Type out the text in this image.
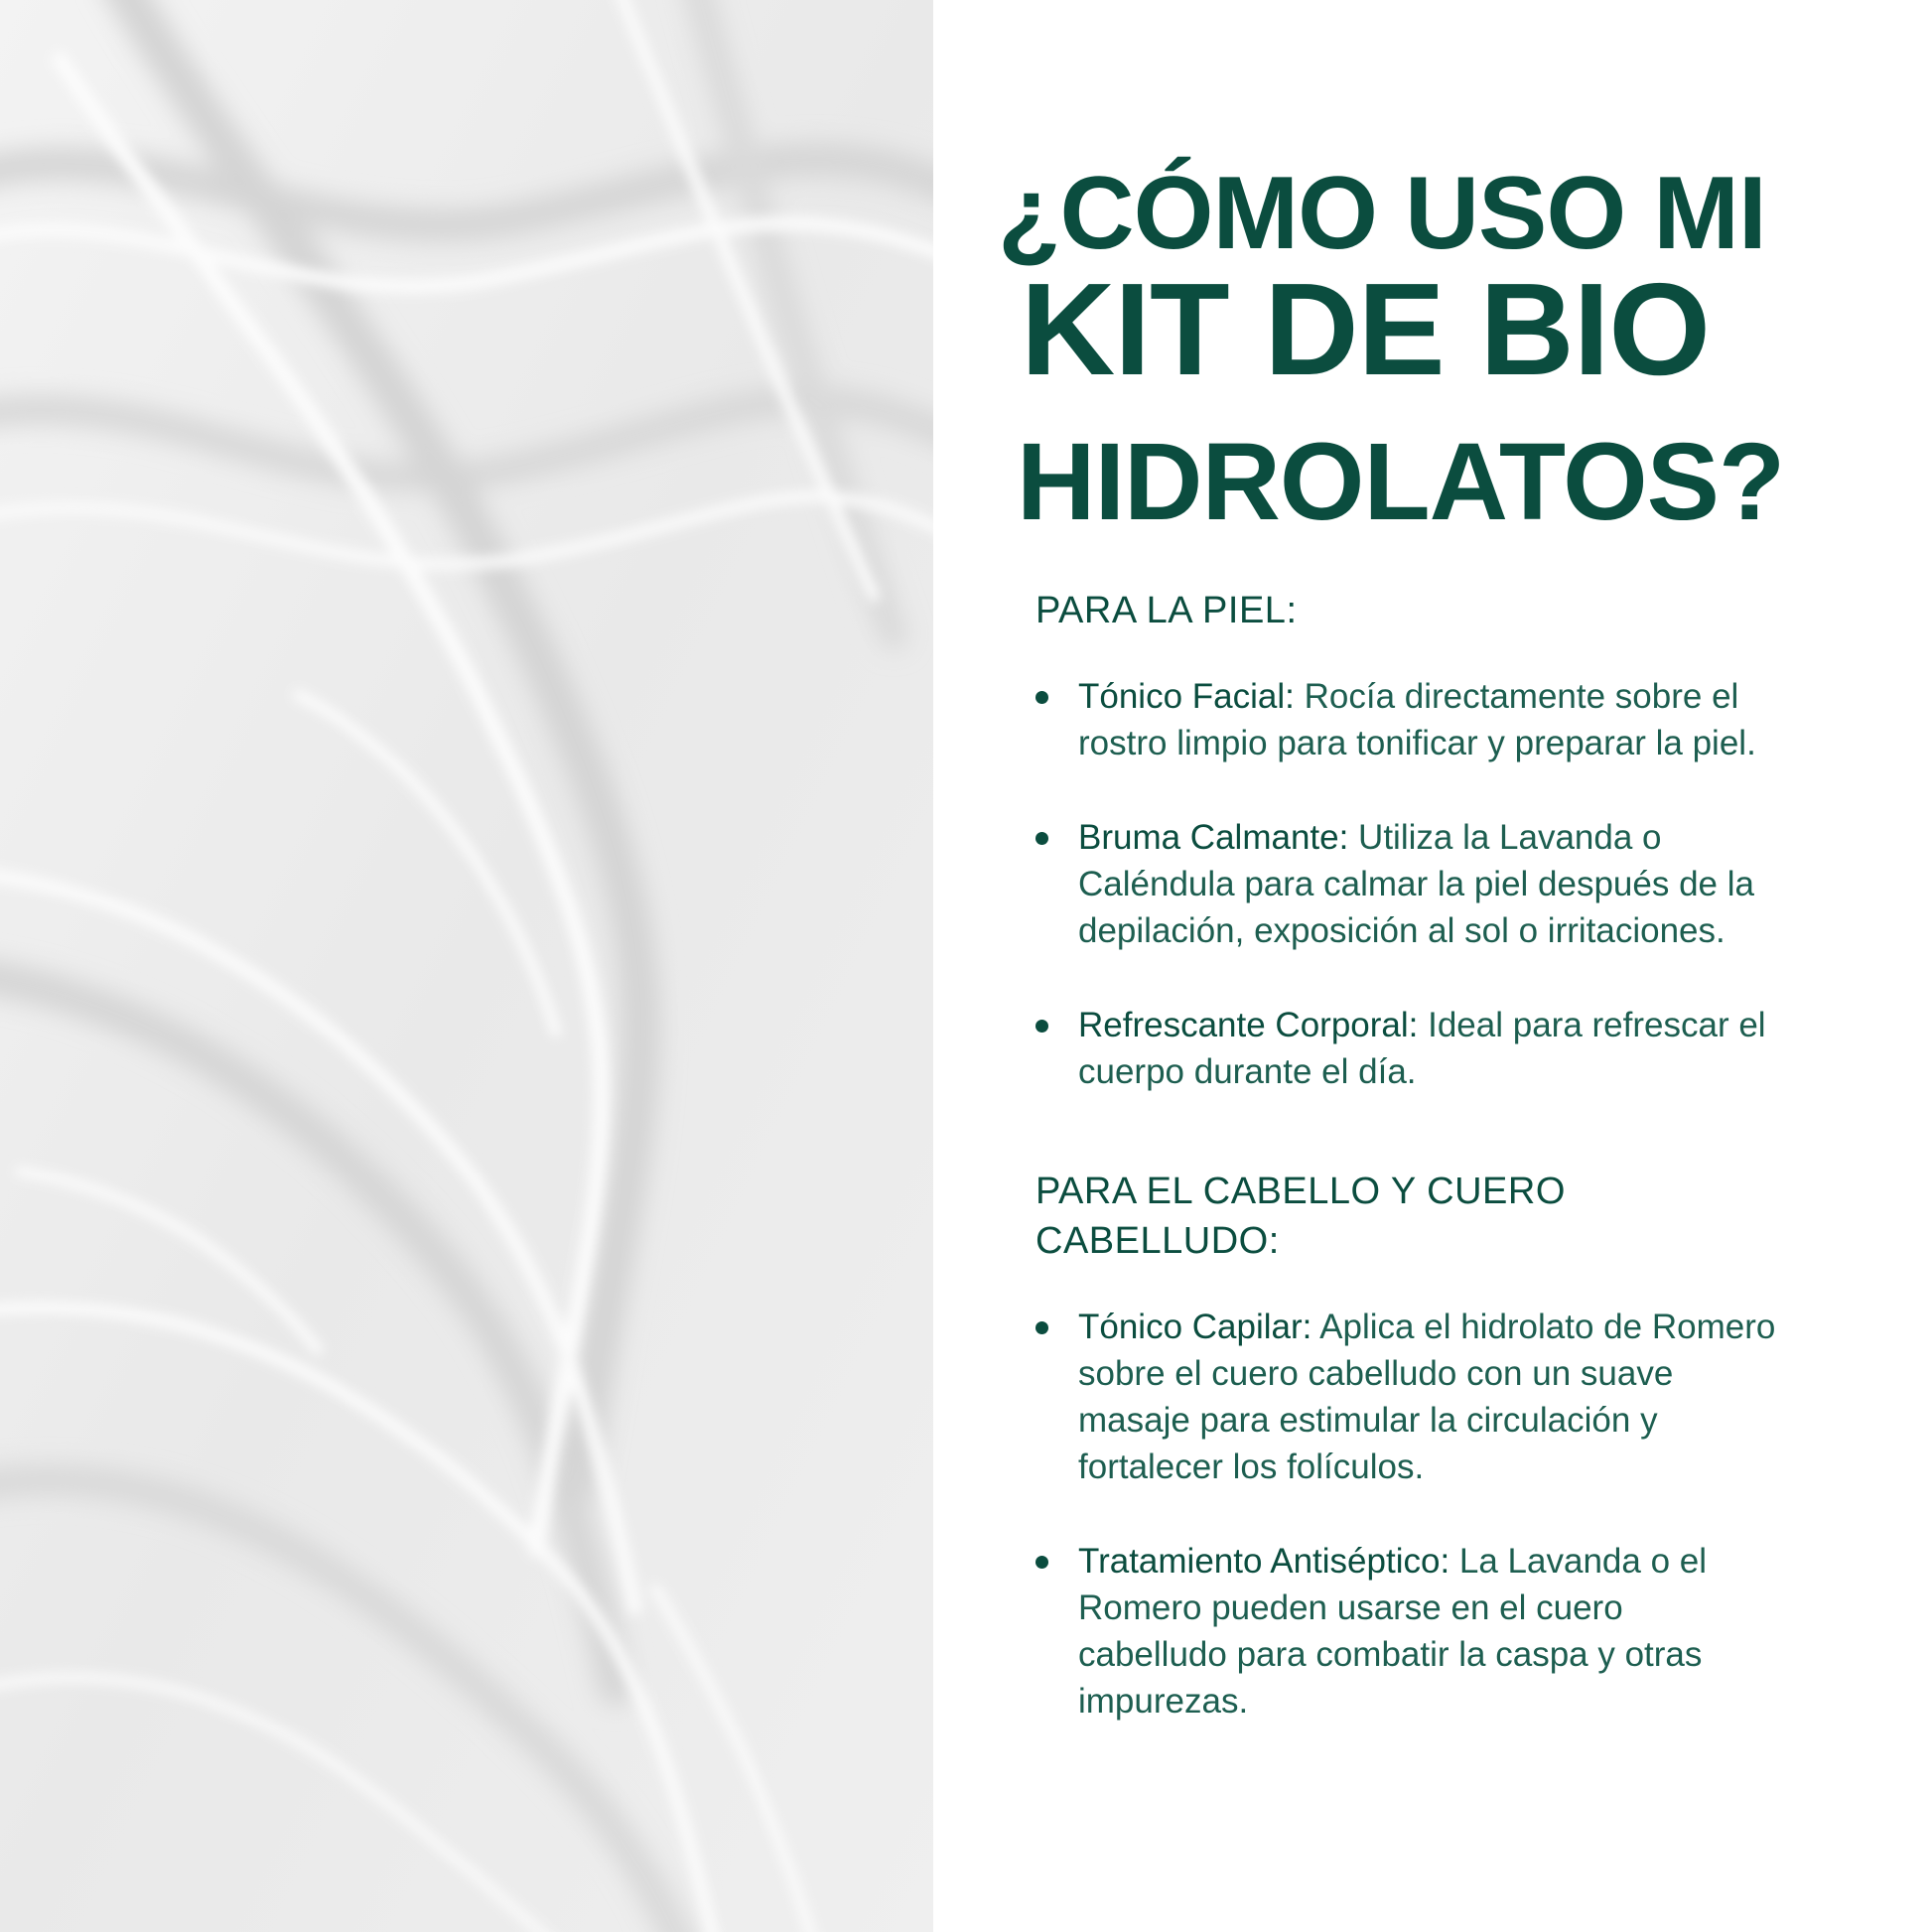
¿CÓMO USO MI
KIT DE BIO
HIDROLATOS?
PARA LA PIEL:
Tónico Facial: Rocía directamente sobre el rostro limpio para tonificar y preparar la piel.
Bruma Calmante: Utiliza la Lavanda o Caléndula para calmar la piel después de la depilación, exposición al sol o irritaciones.
Refrescante Corporal: Ideal para refrescar el cuerpo durante el día.
PARA EL CABELLO Y CUERO CABELLUDO:
Tónico Capilar: Aplica el hidrolato de Romero sobre el cuero cabelludo con un suave masaje para estimular la circulación y fortalecer los folículos.
Tratamiento Antiséptico: La Lavanda o el Romero pueden usarse en el cuero cabelludo para combatir la caspa y otras impurezas.
